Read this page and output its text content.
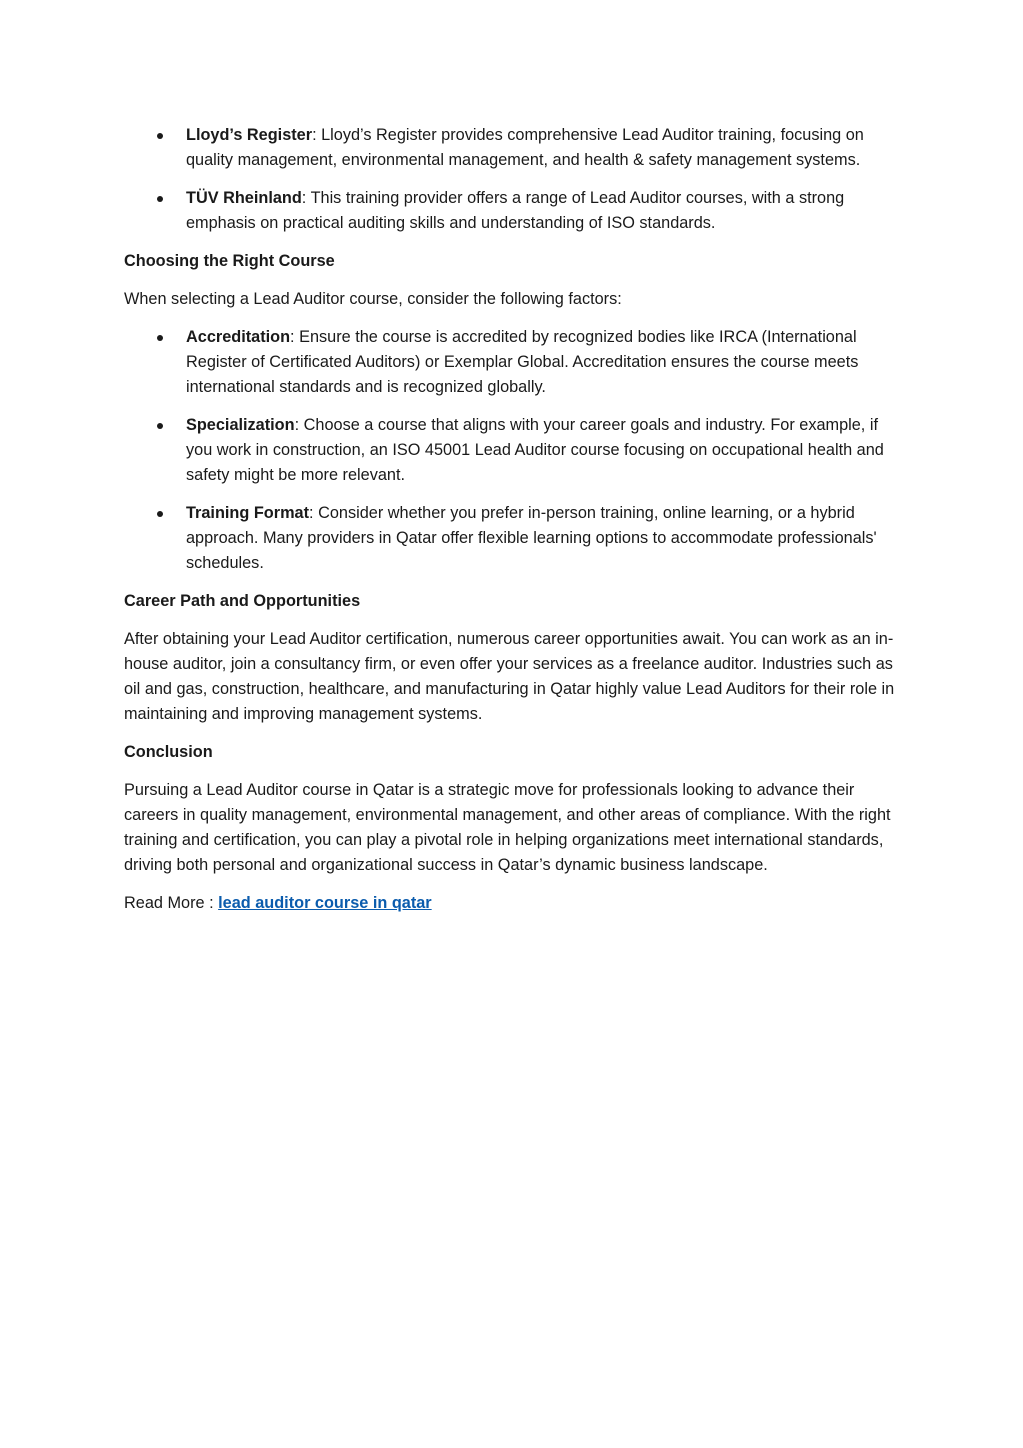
Lloyd’s Register: Lloyd’s Register provides comprehensive Lead Auditor training, focusing on quality management, environmental management, and health & safety management systems.
TÜV Rheinland: This training provider offers a range of Lead Auditor courses, with a strong emphasis on practical auditing skills and understanding of ISO standards.
Choosing the Right Course

When selecting a Lead Auditor course, consider the following factors:

Accreditation: Ensure the course is accredited by recognized bodies like IRCA (International Register of Certificated Auditors) or Exemplar Global. Accreditation ensures the course meets international standards and is recognized globally.
Specialization: Choose a course that aligns with your career goals and industry. For example, if you work in construction, an ISO 45001 Lead Auditor course focusing on occupational health and safety might be more relevant.
Training Format: Consider whether you prefer in-person training, online learning, or a hybrid approach. Many providers in Qatar offer flexible learning options to accommodate professionals' schedules.
Career Path and Opportunities

After obtaining your Lead Auditor certification, numerous career opportunities await. You can work as an in-house auditor, join a consultancy firm, or even offer your services as a freelance auditor. Industries such as oil and gas, construction, healthcare, and manufacturing in Qatar highly value Lead Auditors for their role in maintaining and improving management systems.

Conclusion

Pursuing a Lead Auditor course in Qatar is a strategic move for professionals looking to advance their careers in quality management, environmental management, and other areas of compliance. With the right training and certification, you can play a pivotal role in helping organizations meet international standards, driving both personal and organizational success in Qatar’s dynamic business landscape.

Read More : lead auditor course in qatar
